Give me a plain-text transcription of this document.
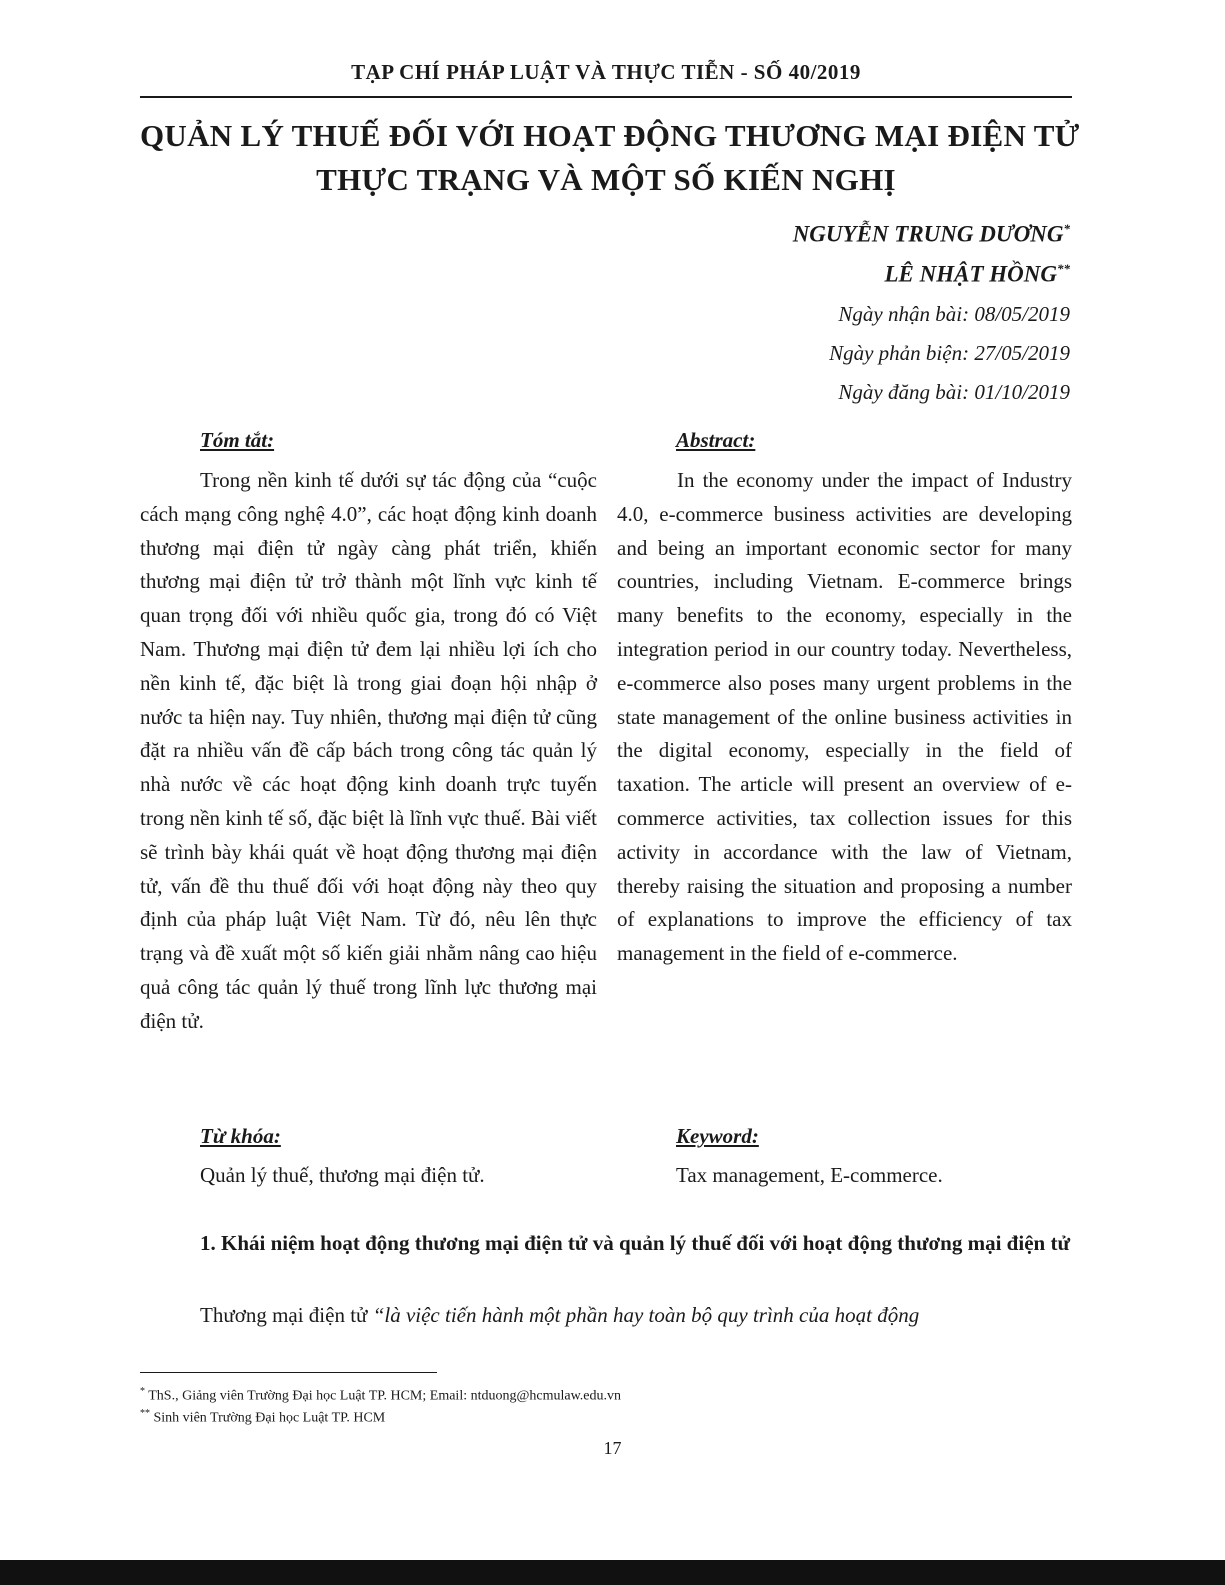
TẠP CHÍ PHÁP LUẬT VÀ THỰC TIỄN - SỐ 40/2019
QUẢN LÝ THUẾ ĐỐI VỚI HOẠT ĐỘNG THƯƠNG MẠI ĐIỆN TỬ
THỰC TRẠNG VÀ MỘT SỐ KIẾN NGHỊ
NGUYỄN TRUNG DƯƠNG*
LÊ NHẬT HỒNG**
Ngày nhận bài: 08/05/2019
Ngày phản biện: 27/05/2019
Ngày đăng bài: 01/10/2019
Tóm tắt:	Abstract:

Trong nền kinh tế dưới sự tác động của “cuộc cách mạng công nghệ 4.0”, các hoạt động kinh doanh thương mại điện tử ngày càng phát triển, khiến thương mại điện tử trở thành một lĩnh vực kinh tế quan trọng đối với nhiều quốc gia, trong đó có Việt Nam. Thương mại điện tử đem lại nhiều lợi ích cho nền kinh tế, đặc biệt là trong giai đoạn hội nhập ở nước ta hiện nay. Tuy nhiên, thương mại điện tử cũng đặt ra nhiều vấn đề cấp bách trong công tác quản lý nhà nước về các hoạt động kinh doanh trực tuyến trong nền kinh tế số, đặc biệt là lĩnh vực thuế. Bài viết sẽ trình bày khái quát về hoạt động thương mại điện tử, vấn đề thu thuế đối với hoạt động này theo quy định của pháp luật Việt Nam. Từ đó, nêu lên thực trạng và đề xuất một số kiến giải nhằm nâng cao hiệu quả công tác quản lý thuế trong lĩnh lực thương mại điện tử.

In the economy under the impact of Industry 4.0, e-commerce business activities are developing and being an important economic sector for many countries, including Vietnam. E-commerce brings many benefits to the economy, especially in the integration period in our country today. Nevertheless, e-commerce also poses many urgent problems in the state management of the online business activities in the digital economy, especially in the field of taxation. The article will present an overview of e-commerce activities, tax collection issues for this activity in accordance with the law of Vietnam, thereby raising the situation and proposing a number of explanations to improve the efficiency of tax management in the field of e-commerce.

Từ khóa:	Keyword:
Quản lý thuế, thương mại điện tử.	Tax management, E-commerce.

1. Khái niệm hoạt động thương mại điện tử và quản lý thuế đối với hoạt động thương mại điện tử

Thương mại điện tử “là việc tiến hành một phần hay toàn bộ quy trình của hoạt động

* ThS., Giảng viên Trường Đại học Luật TP. HCM; Email: ntduong@hcmulaw.edu.vn
** Sinh viên Trường Đại học Luật TP. HCM
17
